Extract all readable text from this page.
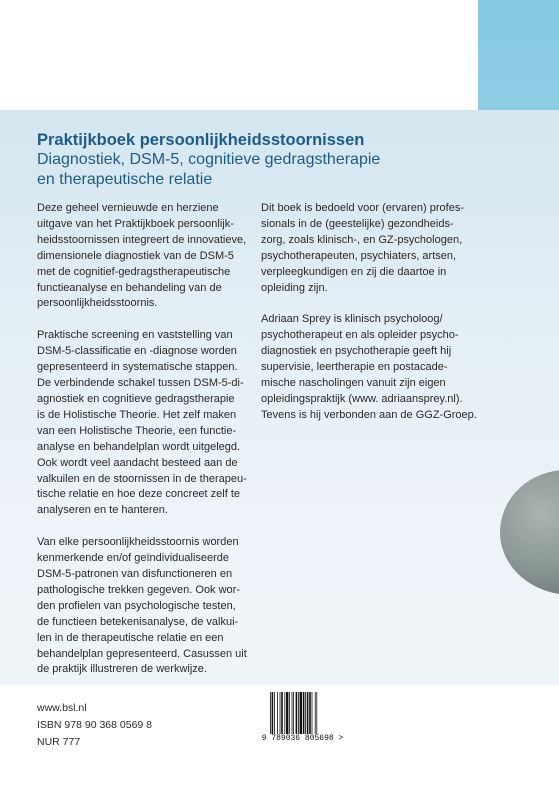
Praktijkboek persoonlijkheidsstoornissen
Diagnostiek, DSM-5, cognitieve gedragstherapie
en therapeutische relatie

Deze geheel vernieuwde en herziene
uitgave van het Praktijkboek persoonlijk-
heidsstoornissen integreert de innovatieve,
dimensionele diagnostiek van de DSM-5
met de cognitief-gedragstherapeutische
functieanalyse en behandeling van de
persoonlijkheidsstoornis.

Praktische screening en vaststelling van
DSM-5-classificatie en -diagnose worden
gepresenteerd in systematische stappen.
De verbindende schakel tussen DSM-5-di-
agnostiek en cognitieve gedragstherapie
is de Holistische Theorie. Het zelf maken
van een Holistische Theorie, een functie-
analyse en behandelplan wordt uitgelegd.
Ook wordt veel aandacht besteed aan de
valkuilen en de stoornissen in de therapeu-
tische relatie en hoe deze concreet zelf te
analyseren en te hanteren.

Van elke persoonlijkheidsstoornis worden
kenmerkende en/of geïndividualiseerde
DSM-5-patronen van disfunctioneren en
pathologische trekken gegeven. Ook wor-
den profielen van psychologische testen,
de functieen betekenisanalyse, de valkui-
len in de therapeutische relatie en een
behandelplan gepresenteerd. Casussen uit
de praktijk illustreren de werkwijze.

Dit boek is bedoeld voor (ervaren) profes-
sionals in de (geestelijke) gezondheids-
zorg, zoals klinisch-, en GZ-psychologen,
psychotherapeuten, psychiaters, artsen,
verpleegkundigen en zij die daartoe in
opleiding zijn.

Adriaan Sprey is klinisch psycholoog/
psychotherapeut en als opleider psycho-
diagnostiek en psychotherapie geeft hij
supervisie, leertherapie en postacade-
mische nascholingen vanuit zijn eigen
opleidingspraktijk (www. adriaansprey.nl).
Tevens is hij verbonden aan de GGZ-Groep.

www.bsl.nl
ISBN 978 90 368 0569 8
NUR 777	9 789036 805698 >
